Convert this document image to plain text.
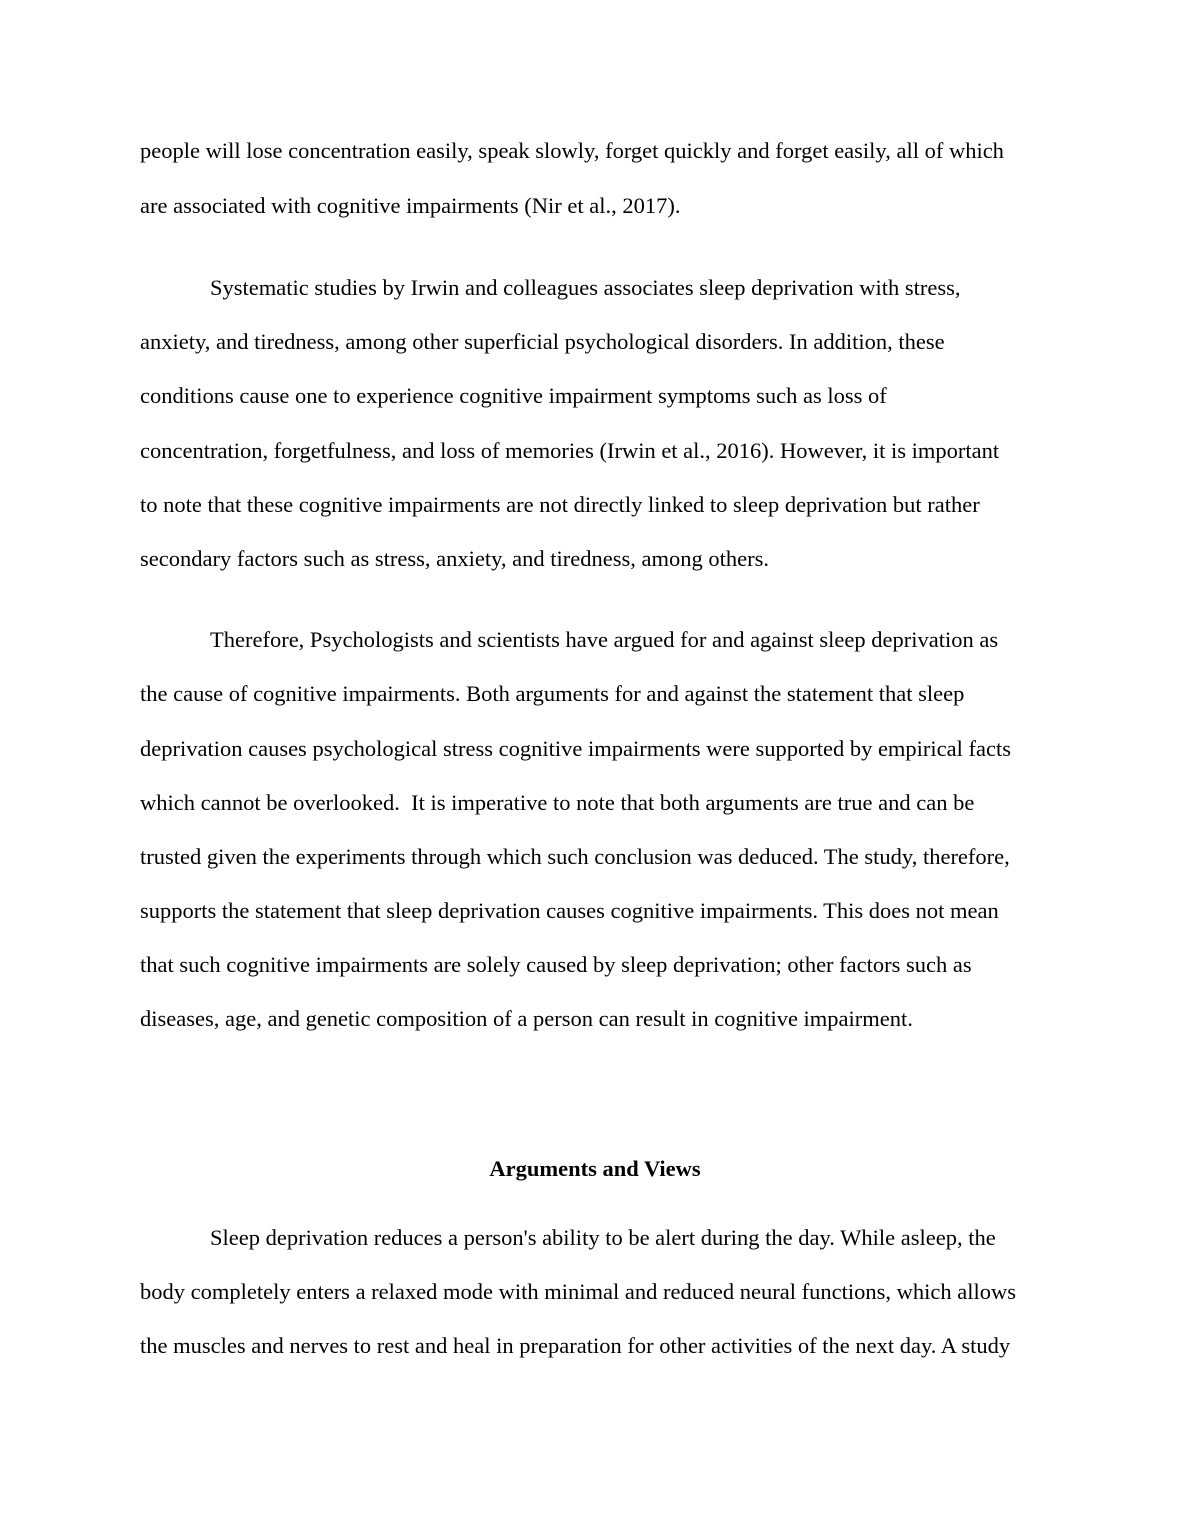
people will lose concentration easily, speak slowly, forget quickly and forget easily, all of which

are associated with cognitive impairments (Nir et al., 2017).

Systematic studies by Irwin and colleagues associates sleep deprivation with stress,

anxiety, and tiredness, among other superficial psychological disorders. In addition, these

conditions cause one to experience cognitive impairment symptoms such as loss of

concentration, forgetfulness, and loss of memories (Irwin et al., 2016). However, it is important

to note that these cognitive impairments are not directly linked to sleep deprivation but rather

secondary factors such as stress, anxiety, and tiredness, among others.

Therefore, Psychologists and scientists have argued for and against sleep deprivation as

the cause of cognitive impairments. Both arguments for and against the statement that sleep

deprivation causes psychological stress cognitive impairments were supported by empirical facts

which cannot be overlooked.  It is imperative to note that both arguments are true and can be

trusted given the experiments through which such conclusion was deduced. The study, therefore,

supports the statement that sleep deprivation causes cognitive impairments. This does not mean

that such cognitive impairments are solely caused by sleep deprivation; other factors such as

diseases, age, and genetic composition of a person can result in cognitive impairment.

Arguments and Views

Sleep deprivation reduces a person's ability to be alert during the day. While asleep, the

body completely enters a relaxed mode with minimal and reduced neural functions, which allows

the muscles and nerves to rest and heal in preparation for other activities of the next day. A study
